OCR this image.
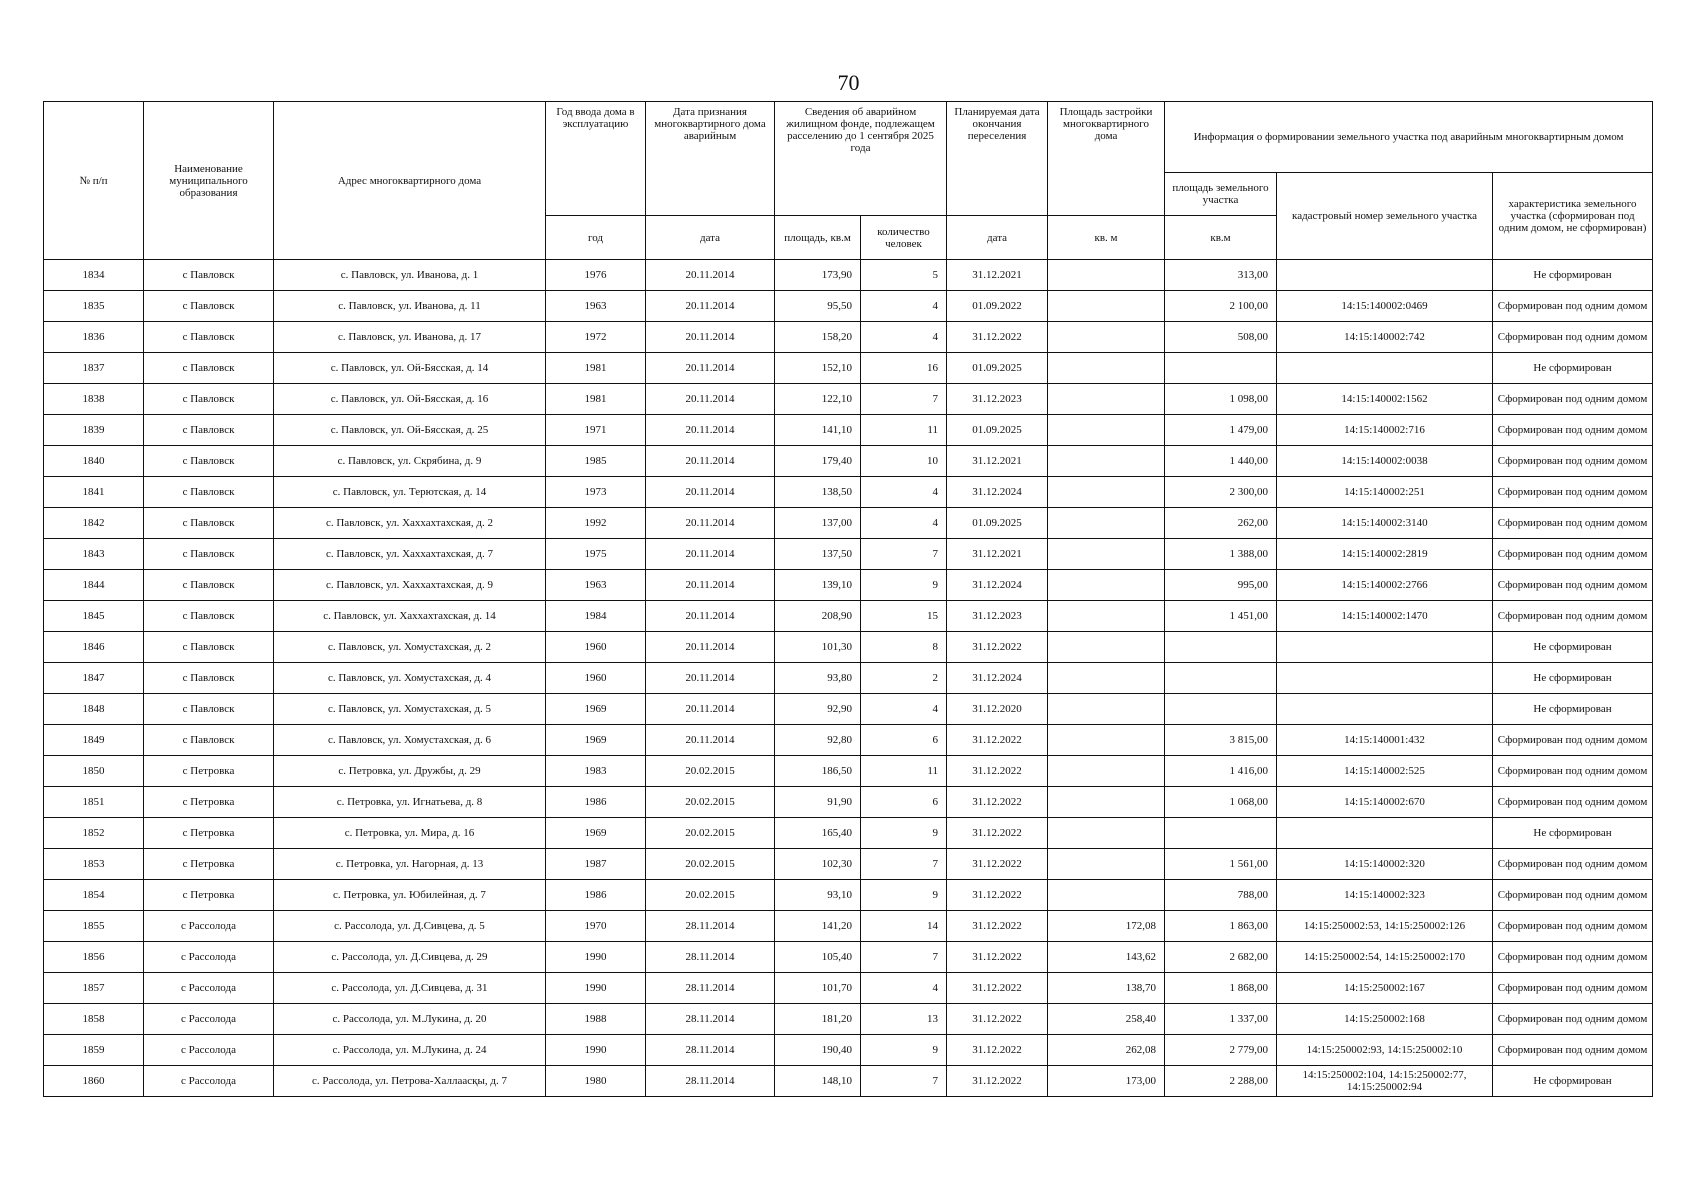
70
№ п/п	Наименование муниципального образования	Адрес многоквартирного дома	Год ввода дома в эксплуатацию	Дата признания многоквартирного дома аварийным	Сведения об аварийном жилищном фонде, подлежащем расселению до 1 сентября 2025 года		Планируемая дата окончания переселения	Площадь застройки многоквартирного дома	Информация о формировании земельного участка под аварийным многоквартирным домом		
									площадь земельного участка	кадастровый номер земельного участка	характеристика земельного участка (сформирован под одним домом, не сформирован)
			год	дата	площадь, кв.м	количество человек	дата	кв. м	кв.м		
1834	с Павловск	с. Павловск, ул. Иванова, д. 1	1976	20.11.2014	173,90	5	31.12.2021		313,00		Не сформирован
1835	с Павловск	с. Павловск, ул. Иванова, д. 11	1963	20.11.2014	95,50	4	01.09.2022		2 100,00	14:15:140002:0469	Сформирован под одним домом
1836	с Павловск	с. Павловск, ул. Иванова, д. 17	1972	20.11.2014	158,20	4	31.12.2022		508,00	14:15:140002:742	Сформирован под одним домом
1837	с Павловск	с. Павловск, ул. Ой-Бясская, д. 14	1981	20.11.2014	152,10	16	01.09.2025				Не сформирован
1838	с Павловск	с. Павловск, ул. Ой-Бясская, д. 16	1981	20.11.2014	122,10	7	31.12.2023		1 098,00	14:15:140002:1562	Сформирован под одним домом
1839	с Павловск	с. Павловск, ул. Ой-Бясская, д. 25	1971	20.11.2014	141,10	11	01.09.2025		1 479,00	14:15:140002:716	Сформирован под одним домом
1840	с Павловск	с. Павловск, ул. Скрябина, д. 9	1985	20.11.2014	179,40	10	31.12.2021		1 440,00	14:15:140002:0038	Сформирован под одним домом
1841	с Павловск	с. Павловск, ул. Терютская, д. 14	1973	20.11.2014	138,50	4	31.12.2024		2 300,00	14:15:140002:251	Сформирован под одним домом
1842	с Павловск	с. Павловск, ул. Хаххахтахская, д. 2	1992	20.11.2014	137,00	4	01.09.2025		262,00	14:15:140002:3140	Сформирован под одним домом
1843	с Павловск	с. Павловск, ул. Хаххахтахская, д. 7	1975	20.11.2014	137,50	7	31.12.2021		1 388,00	14:15:140002:2819	Сформирован под одним домом
1844	с Павловск	с. Павловск, ул. Хаххахтахская, д. 9	1963	20.11.2014	139,10	9	31.12.2024		995,00	14:15:140002:2766	Сформирован под одним домом
1845	с Павловск	с. Павловск, ул. Хаххахтахская, д. 14	1984	20.11.2014	208,90	15	31.12.2023		1 451,00	14:15:140002:1470	Сформирован под одним домом
1846	с Павловск	с. Павловск, ул. Хомустахская, д. 2	1960	20.11.2014	101,30	8	31.12.2022				Не сформирован
1847	с Павловск	с. Павловск, ул. Хомустахская, д. 4	1960	20.11.2014	93,80	2	31.12.2024				Не сформирован
1848	с Павловск	с. Павловск, ул. Хомустахская, д. 5	1969	20.11.2014	92,90	4	31.12.2020				Не сформирован
1849	с Павловск	с. Павловск, ул. Хомустахская, д. 6	1969	20.11.2014	92,80	6	31.12.2022		3 815,00	14:15:140001:432	Сформирован под одним домом
1850	с Петровка	с. Петровка, ул. Дружбы, д. 29	1983	20.02.2015	186,50	11	31.12.2022		1 416,00	14:15:140002:525	Сформирован под одним домом
1851	с Петровка	с. Петровка, ул. Игнатьева, д. 8	1986	20.02.2015	91,90	6	31.12.2022		1 068,00	14:15:140002:670	Сформирован под одним домом
1852	с Петровка	с. Петровка, ул. Мира, д. 16	1969	20.02.2015	165,40	9	31.12.2022				Не сформирован
1853	с Петровка	с. Петровка, ул. Нагорная, д. 13	1987	20.02.2015	102,30	7	31.12.2022		1 561,00	14:15:140002:320	Сформирован под одним домом
1854	с Петровка	с. Петровка, ул. Юбилейная, д. 7	1986	20.02.2015	93,10	9	31.12.2022		788,00	14:15:140002:323	Сформирован под одним домом
1855	с Рассолода	с. Рассолода, ул. Д.Сивцева, д. 5	1970	28.11.2014	141,20	14	31.12.2022	172,08	1 863,00	14:15:250002:53, 14:15:250002:126	Сформирован под одним домом
1856	с Рассолода	с. Рассолода, ул. Д.Сивцева, д. 29	1990	28.11.2014	105,40	7	31.12.2022	143,62	2 682,00	14:15:250002:54, 14:15:250002:170	Сформирован под одним домом
1857	с Рассолода	с. Рассолода, ул. Д.Сивцева, д. 31	1990	28.11.2014	101,70	4	31.12.2022	138,70	1 868,00	14:15:250002:167	Сформирован под одним домом
1858	с Рассолода	с. Рассолода, ул. М.Лукина, д. 20	1988	28.11.2014	181,20	13	31.12.2022	258,40	1 337,00	14:15:250002:168	Сформирован под одним домом
1859	с Рассолода	с. Рассолода, ул. М.Лукина, д. 24	1990	28.11.2014	190,40	9	31.12.2022	262,08	2 779,00	14:15:250002:93, 14:15:250002:10	Сформирован под одним домом
1860	с Рассолода	с. Рассолода, ул. Петрова-Халлаасқы, д. 7	1980	28.11.2014	148,10	7	31.12.2022	173,00	2 288,00	14:15:250002:104, 14:15:250002:77, 14:15:250002:94	Не сформирован
